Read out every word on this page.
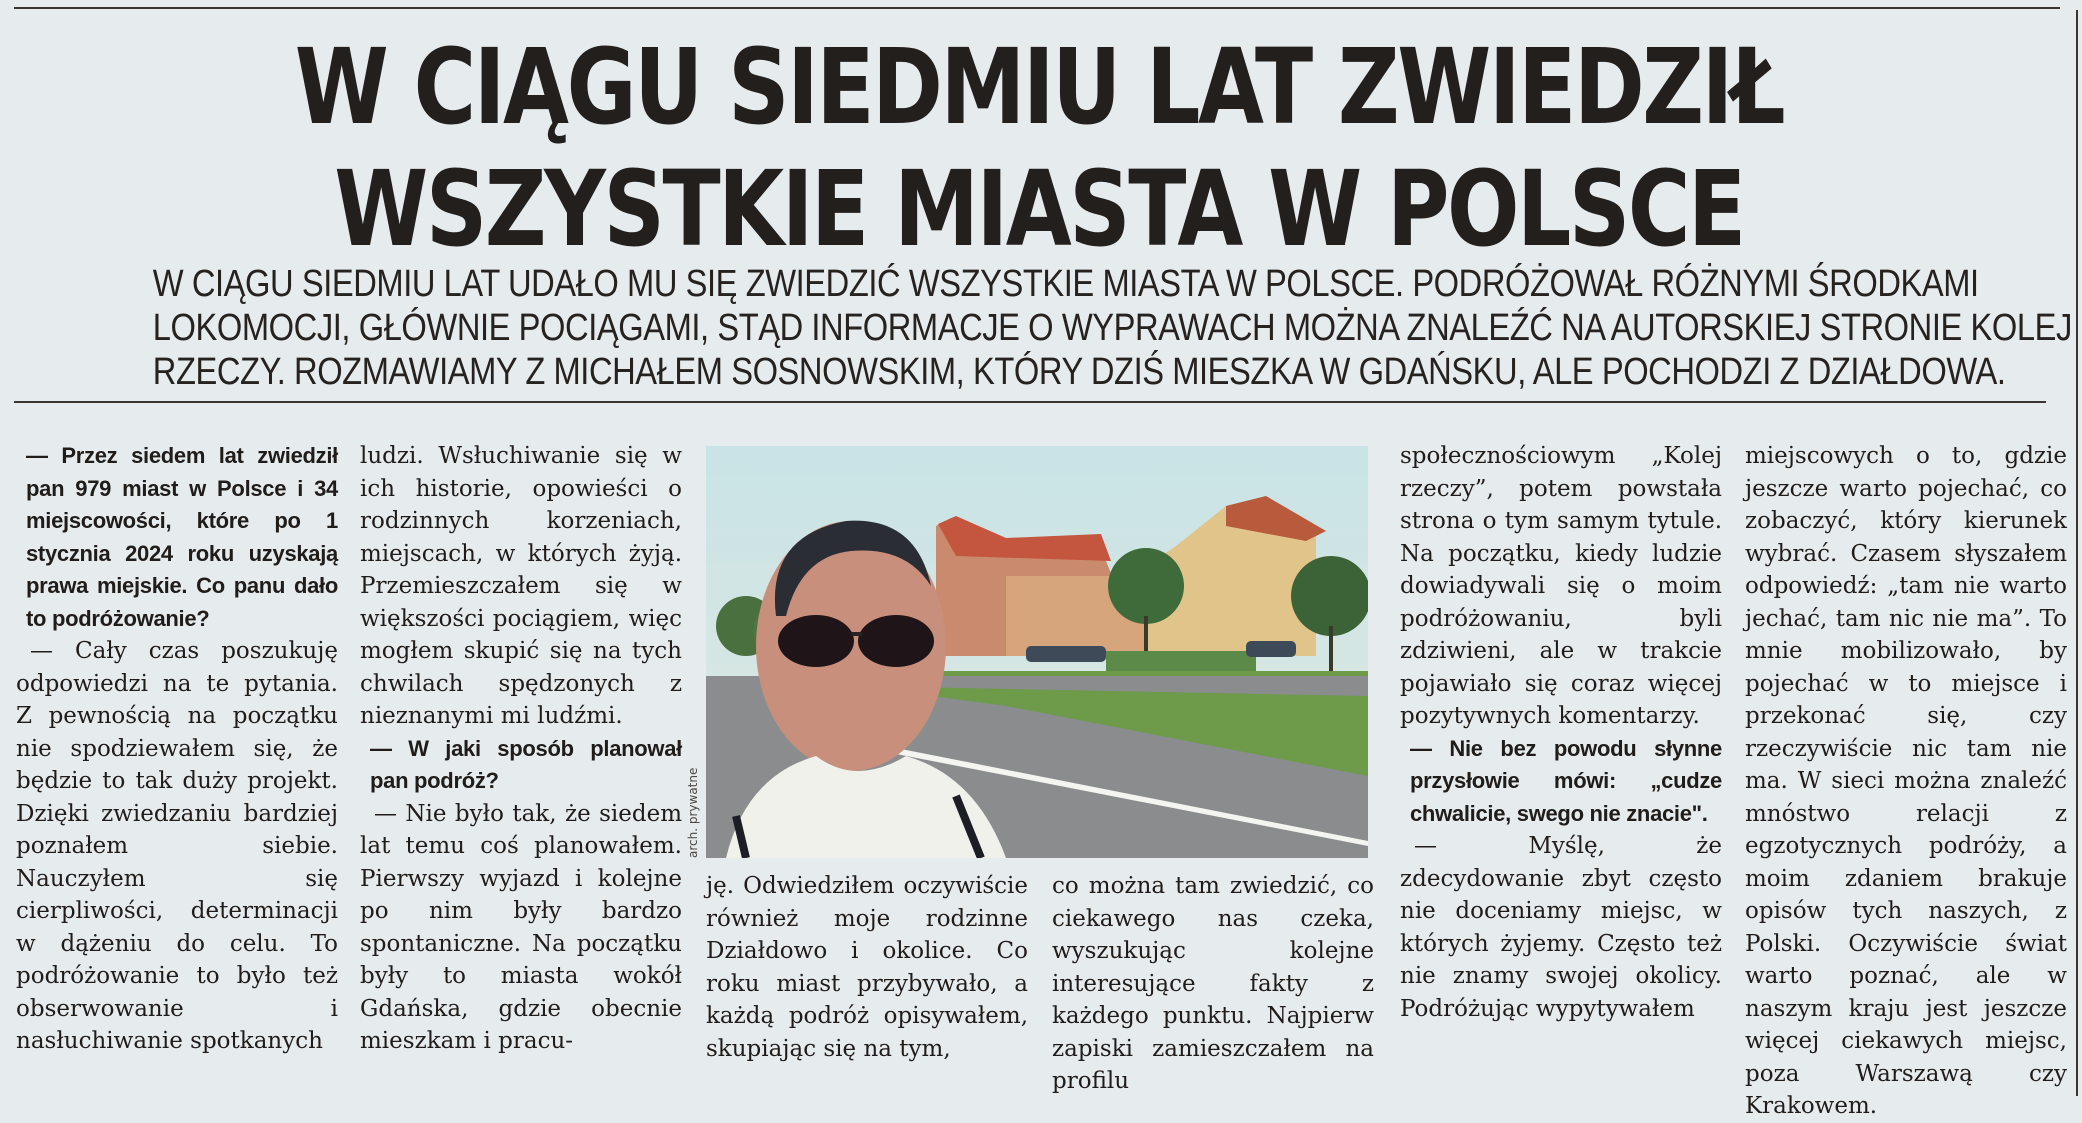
W CIĄGU SIEDMIU LAT ZWIEDZIŁ
WSZYSTKIE MIASTA W POLSCE
W CIĄGU SIEDMIU LAT UDAŁO MU SIĘ ZWIEDZIĆ WSZYSTKIE MIASTA W POLSCE. PODRÓŻOWAŁ RÓŻNYMI ŚRODKAMI
LOKOMOCJI, GŁÓWNIE POCIĄGAMI, STĄD INFORMACJE O WYPRAWACH MOŻNA ZNALEŹĆ NA AUTORSKIEJ STRONIE KOLEJ
RZECZY. ROZMAWIAMY Z MICHAŁEM SOSNOWSKIM, KTÓRY DZIŚ MIESZKA W GDAŃSKU, ALE POCHODZI Z DZIAŁDOWA.

— Przez siedem lat zwiedził pan 979 miast w Polsce i 34 miejscowości, które po 1 stycznia 2024 roku uzyskają prawa miejskie. Co panu dało to podróżowanie?

— Cały czas poszukuję odpowiedzi na te pytania. Z pewnością na początku nie spodziewałem się, że będzie to tak duży projekt. Dzięki zwiedzaniu bardziej poznałem siebie. Nauczyłem się cierpliwości, determinacji w dążeniu do celu. To podróżowanie to było też obserwowanie i nasłuchiwanie spotkanych

ludzi. Wsłuchiwanie się w ich historie, opowieści o rodzinnych korzeniach, miejscach, w których żyją. Przemieszczałem się w większości pociągiem, więc mogłem skupić się na tych chwilach spędzonych z nieznanymi mi ludźmi.

— W jaki sposób planował pan podróż?

— Nie było tak, że siedem lat temu coś planowałem. Pierwszy wyjazd i kolejne po nim były bardzo spontaniczne. Na początku były to miasta wokół Gdańska, gdzie obecnie mieszkam i pracu-

arch. prywatne

ję. Odwiedziłem oczywiście również moje rodzinne Działdowo i okolice. Co roku miast przybywało, a każdą podróż opisywałem, skupiając się na tym,

co można tam zwiedzić, co ciekawego nas czeka, wyszukując kolejne interesujące fakty z każdego punktu. Najpierw zapiski zamieszczałem na profilu

społecznościowym „Kolej rzeczy”, potem powstała strona o tym samym tytule. Na początku, kiedy ludzie dowiadywali się o moim podróżowaniu, byli zdziwieni, ale w trakcie pojawiało się coraz więcej pozytywnych komentarzy.

— Nie bez powodu słynne przysłowie mówi: „cudze chwalicie, swego nie znacie".

— Myślę, że zdecydowanie zbyt często nie doceniamy miejsc, w których żyjemy. Często też nie znamy swojej okolicy. Podróżując wypytywałem

miejscowych o to, gdzie jeszcze warto pojechać, co zobaczyć, który kierunek wybrać. Czasem słyszałem odpowiedź: „tam nie warto jechać, tam nic nie ma”. To mnie mobilizowało, by pojechać w to miejsce i przekonać się, czy rzeczywiście nic tam nie ma. W sieci można znaleźć mnóstwo relacji z egzotycznych podróży, a moim zdaniem brakuje opisów tych naszych, z Polski. Oczywiście świat warto poznać, ale w naszym kraju jest jeszcze więcej ciekawych miejsc, poza Warszawą czy Krakowem.
